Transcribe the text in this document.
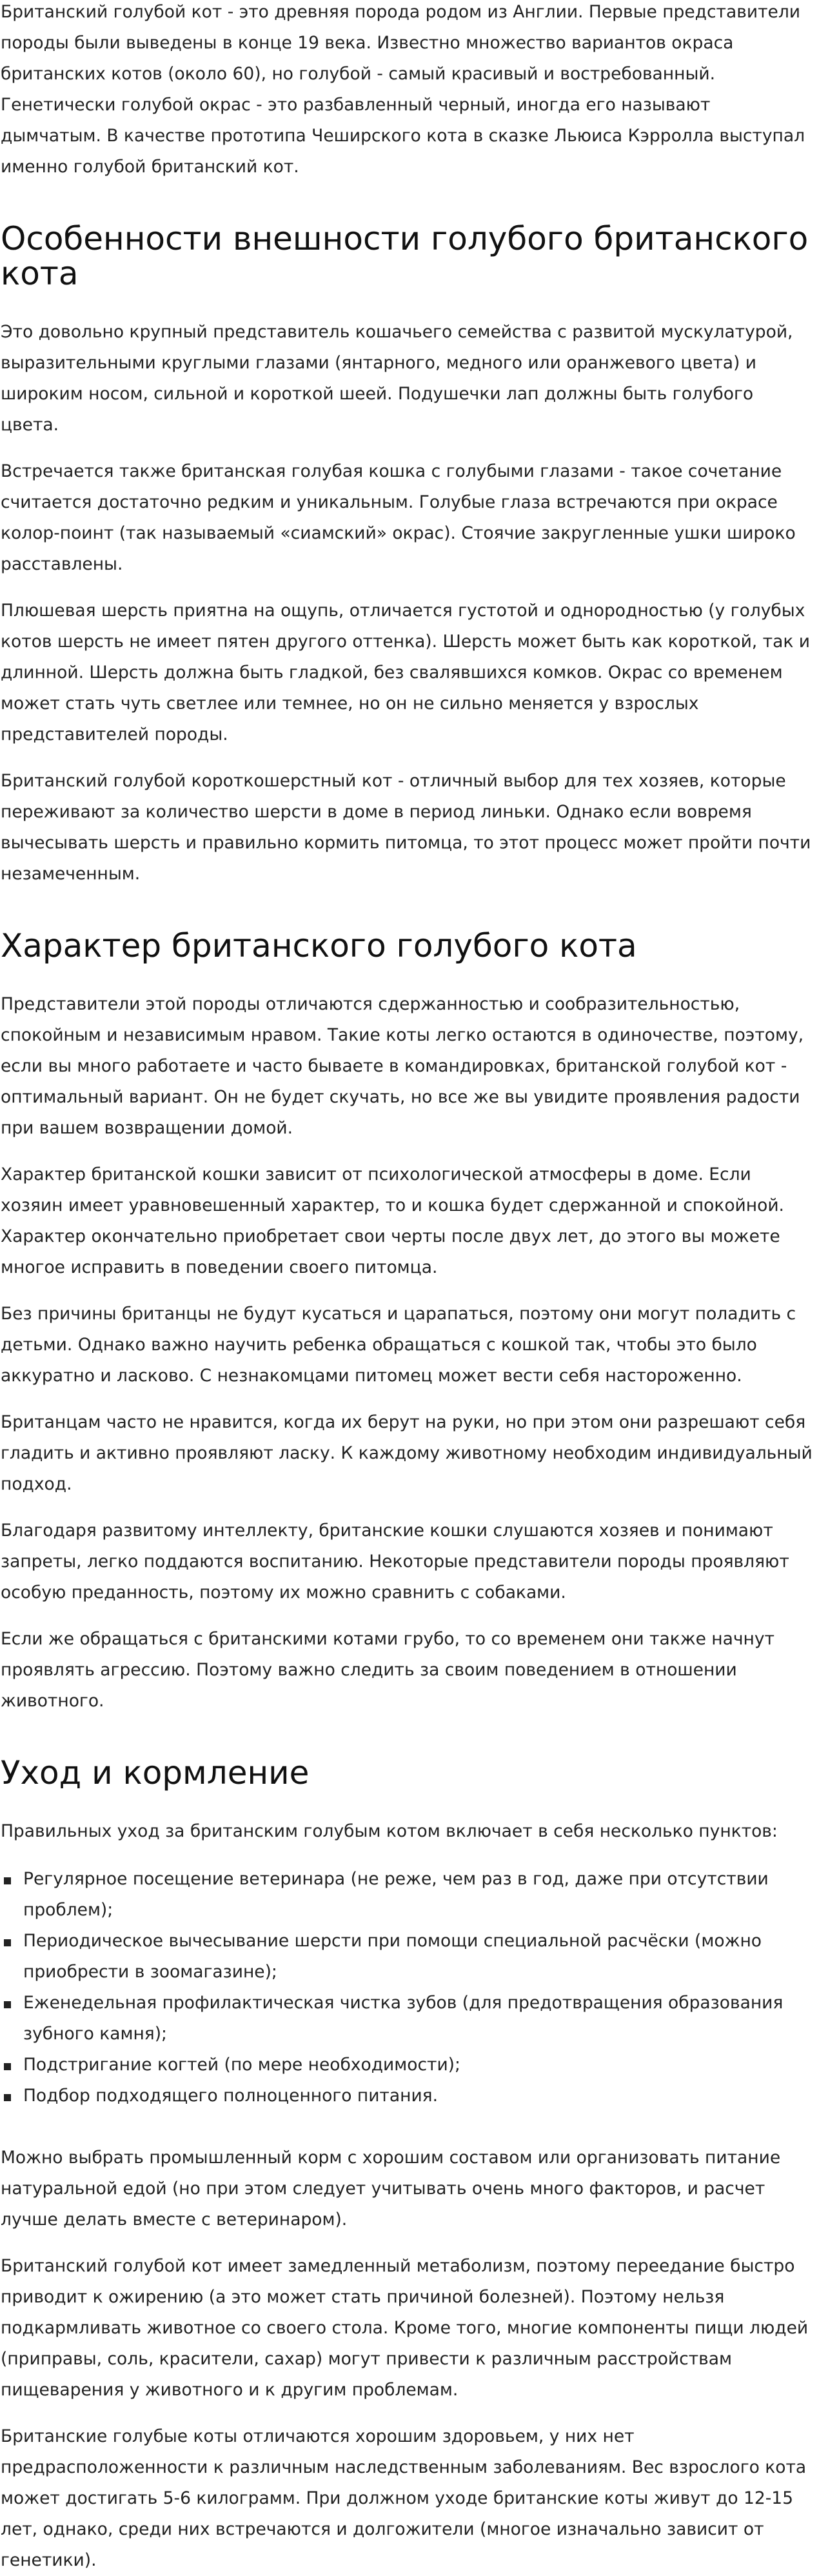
Британский голубой кот - это древняя порода родом из Англии. Первые представители породы были выведены в конце 19 века. Известно множество вариантов окраса британских котов (около 60), но голубой - самый красивый и востребованный. Генетически голубой окрас - это разбавленный черный, иногда его называют дымчатым. В качестве прототипа Чеширского кота в сказке Льюиса Кэрролла выступал именно голубой британский кот.

Особенности внешности голубого британского кота

Это довольно крупный представитель кошачьего семейства с развитой мускулатурой, выразительными круглыми глазами (янтарного, медного или оранжевого цвета) и широким носом, сильной и короткой шеей. Подушечки лап должны быть голубого цвета.

Встречается также британская голубая кошка с голубыми глазами - такое сочетание считается достаточно редким и уникальным. Голубые глаза встречаются при окрасе колор-поинт (так называемый «сиамский» окрас). Стоячие закругленные ушки широко расставлены.

Плюшевая шерсть приятна на ощупь, отличается густотой и однородностью (у голубых котов шерсть не имеет пятен другого оттенка). Шерсть может быть как короткой, так и длинной. Шерсть должна быть гладкой, без свалявшихся комков. Окрас со временем может стать чуть светлее или темнее, но он не сильно меняется у взрослых представителей породы.

Британский голубой короткошерстный кот - отличный выбор для тех хозяев, которые переживают за количество шерсти в доме в период линьки. Однако если вовремя вычесывать шерсть и правильно кормить питомца, то этот процесс может пройти почти незамеченным.

Характер британского голубого кота

Представители этой породы отличаются сдержанностью и сообразительностью, спокойным и независимым нравом. Такие коты легко остаются в одиночестве, поэтому, если вы много работаете и часто бываете в командировках, британской голубой кот - оптимальный вариант. Он не будет скучать, но все же вы увидите проявления радости при вашем возвращении домой.

Характер британской кошки зависит от психологической атмосферы в доме. Если хозяин имеет уравновешенный характер, то и кошка будет сдержанной и спокойной. Характер окончательно приобретает свои черты после двух лет, до этого вы можете многое исправить в поведении своего питомца.

Без причины британцы не будут кусаться и царапаться, поэтому они могут поладить с детьми. Однако важно научить ребенка обращаться с кошкой так, чтобы это было аккуратно и ласково. С незнакомцами питомец может вести себя настороженно.

Британцам часто не нравится, когда их берут на руки, но при этом они разрешают себя гладить и активно проявляют ласку. К каждому животному необходим индивидуальный подход.

Благодаря развитому интеллекту, британские кошки слушаются хозяев и понимают запреты, легко поддаются воспитанию. Некоторые представители породы проявляют особую преданность, поэтому их можно сравнить с собаками.

Если же обращаться с британскими котами грубо, то со временем они также начнут проявлять агрессию. Поэтому важно следить за своим поведением в отношении животного.

Уход и кормление

Правильных уход за британским голубым котом включает в себя несколько пунктов:

Регулярное посещение ветеринара (не реже, чем раз в год, даже при отсутствии проблем);
Периодическое вычесывание шерсти при помощи специальной расчёски (можно приобрести в зоомагазине);
Еженедельная профилактическая чистка зубов (для предотвращения образования зубного камня);
Подстригание когтей (по мере необходимости);
Подбор подходящего полноценного питания.

Можно выбрать промышленный корм с хорошим составом или организовать питание натуральной едой (но при этом следует учитывать очень много факторов, и расчет лучше делать вместе с ветеринаром).

Британский голубой кот имеет замедленный метаболизм, поэтому переедание быстро приводит к ожирению (а это может стать причиной болезней). Поэтому нельзя подкармливать животное со своего стола. Кроме того, многие компоненты пищи людей (приправы, соль, красители, сахар) могут привести к различным расстройствам пищеварения у животного и к другим проблемам.

Британские голубые коты отличаются хорошим здоровьем, у них нет предрасположенности к различным наследственным заболеваниям. Вес взрослого кота может достигать 5-6 килограмм. При должном уходе британские коты живут до 12-15 лет, однако, среди них встречаются и долгожители (многое изначально зависит от генетики).
